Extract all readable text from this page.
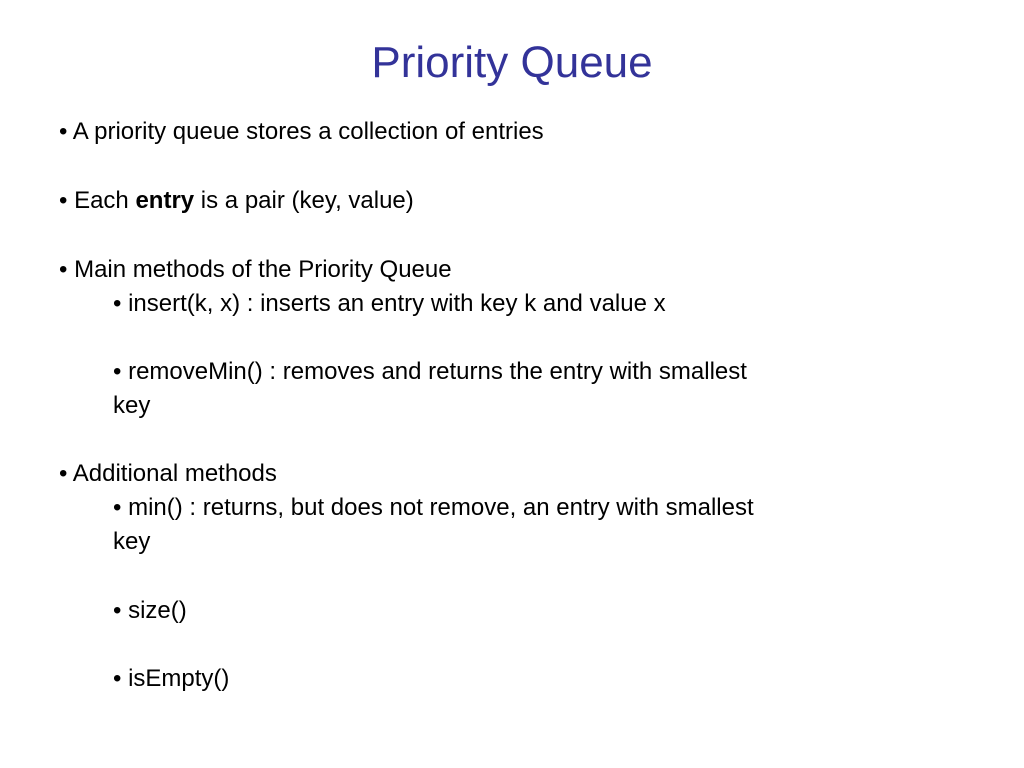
Priority Queue

• A priority queue stores a collection of entries

• Each entry is a pair (key, value)

• Main methods of the Priority Queue

• insert(k, x) : inserts an entry with key k and value x

• removeMin() : removes and returns the entry with smallest

key

• Additional methods

• min() : returns, but does not remove, an entry with smallest

key

• size()

• isEmpty()
